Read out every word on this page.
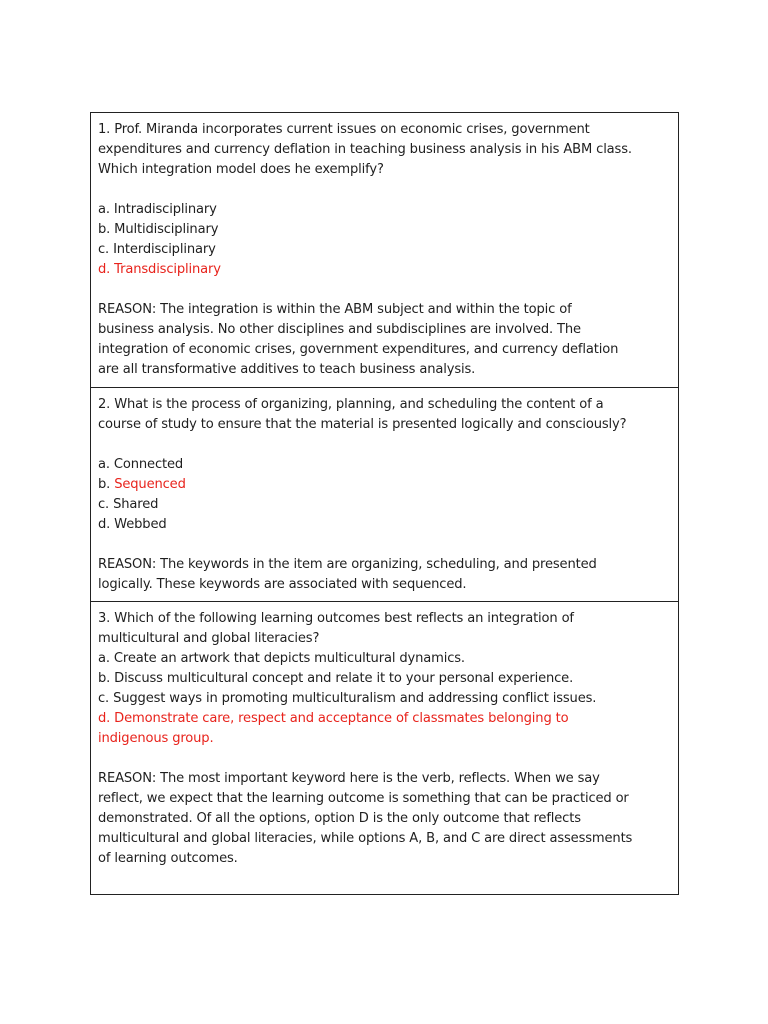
1. Prof. Miranda incorporates current issues on economic crises, government
expenditures and currency deflation in teaching business analysis in his ABM class.
Which integration model does he exemplify?
a. Intradisciplinary
b. Multidisciplinary
c. Interdisciplinary
d. Transdisciplinary
REASON: The integration is within the ABM subject and within the topic of
business analysis. No other disciplines and subdisciplines are involved. The
integration of economic crises, government expenditures, and currency deflation
are all transformative additives to teach business analysis.
2. What is the process of organizing, planning, and scheduling the content of a
course of study to ensure that the material is presented logically and consciously?
a. Connected
b. Sequenced
c. Shared
d. Webbed
REASON: The keywords in the item are organizing, scheduling, and presented
logically. These keywords are associated with sequenced.
3. Which of the following learning outcomes best reflects an integration of
multicultural and global literacies?
a. Create an artwork that depicts multicultural dynamics.
b. Discuss multicultural concept and relate it to your personal experience.
c. Suggest ways in promoting multiculturalism and addressing conflict issues.
d. Demonstrate care, respect and acceptance of classmates belonging to
indigenous group.
REASON: The most important keyword here is the verb, reflects. When we say
reflect, we expect that the learning outcome is something that can be practiced or
demonstrated. Of all the options, option D is the only outcome that reflects
multicultural and global literacies, while options A, B, and C are direct assessments
of learning outcomes.
